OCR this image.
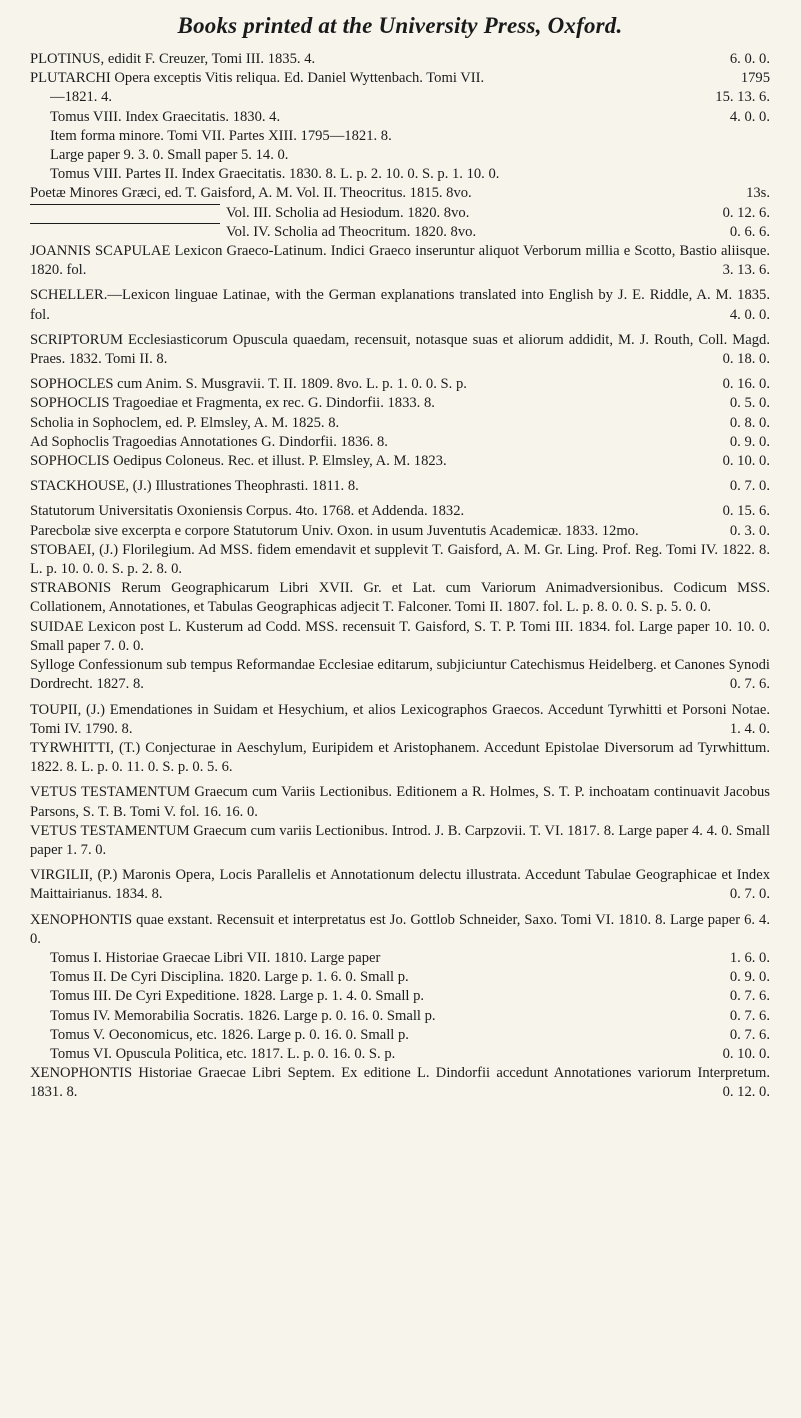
Books printed at the University Press, Oxford.
PLOTINUS, edidit F. Creuzer, Tomi III. 1835. 4.	6. 0. 0.
PLUTARCHI Opera exceptis Vitis reliqua. Ed. Daniel Wyttenbach. Tomi VII.	1795
—1821. 4.	15. 13. 6.
Tomus VIII. Index Graecitatis. 1830. 4.	4. 0. 0.
Item forma minore. Tomi VII. Partes XIII. 1795—1821. 8.
Large paper 9. 3. 0. Small paper 5. 14. 0.
Tomus VIII. Partes II. Index Graecitatis. 1830. 8. L. p. 2. 10. 0. S. p. 1. 10. 0.
Poetæ Minores Græci, ed. T. Gaisford, A. M. Vol. II. Theocritus. 1815. 8vo.	13s.
Vol. III. Scholia ad Hesiodum. 1820. 8vo.	0. 12. 6.
Vol. IV. Scholia ad Theocritum. 1820. 8vo.	0. 6. 6.
JOANNIS SCAPULAE Lexicon Graeco-Latinum. Indici Graeco inseruntur aliquot Verborum millia e Scotto, Bastio aliisque. 1820. fol.	3. 13. 6.
SCHELLER.—Lexicon linguae Latinae, with the German explanations translated into English by J. E. Riddle, A. M. 1835. fol.	4. 0. 0.
SCRIPTORUM Ecclesiasticorum Opuscula quaedam, recensuit, notasque suas et aliorum addidit, M. J. Routh, Coll. Magd. Praes. 1832. Tomi II. 8.	0. 18. 0.
SOPHOCLES cum Anim. S. Musgravii. T. II. 1809. 8vo. L. p. 1. 0. 0. S. p.	0. 16. 0.
SOPHOCLIS Tragoediae et Fragmenta, ex rec. G. Dindorfii. 1833. 8.	0. 5. 0.
Scholia in Sophoclem, ed. P. Elmsley, A. M. 1825. 8.	0. 8. 0.
Ad Sophoclis Tragoedias Annotationes G. Dindorfii. 1836. 8.	0. 9. 0.
SOPHOCLIS Oedipus Coloneus. Rec. et illust. P. Elmsley, A. M. 1823.	0. 10. 0.
STACKHOUSE, (J.) Illustrationes Theophrasti. 1811. 8.	0. 7. 0.
Statutorum Universitatis Oxoniensis Corpus. 4to. 1768. et Addenda. 1832.	0. 15. 6.
Parecbolæ sive excerpta e corpore Statutorum Univ. Oxon. in usum Juventutis Academicæ. 1833. 12mo.	0. 3. 0.
STOBAEI, (J.) Florilegium. Ad MSS. fidem emendavit et supplevit T. Gaisford, A. M. Gr. Ling. Prof. Reg. Tomi IV. 1822. 8. L. p. 10. 0. 0. S. p. 2. 8. 0.
STRABONIS Rerum Geographicarum Libri XVII. Gr. et Lat. cum Variorum Animadversionibus. Codicum MSS. Collationem, Annotationes, et Tabulas Geographicas adjecit T. Falconer. Tomi II. 1807. fol. L. p. 8. 0. 0. S. p. 5. 0. 0.
SUIDAE Lexicon post L. Kusterum ad Codd. MSS. recensuit T. Gaisford, S. T. P. Tomi III. 1834. fol. Large paper 10. 10. 0. Small paper 7. 0. 0.
Sylloge Confessionum sub tempus Reformandae Ecclesiae editarum, subjiciuntur Catechismus Heidelberg. et Canones Synodi Dordrecht. 1827. 8.	0. 7. 6.
TOUPII, (J.) Emendationes in Suidam et Hesychium, et alios Lexicographos Graecos. Accedunt Tyrwhitti et Porsoni Notae. Tomi IV. 1790. 8.	1. 4. 0.
TYRWHITTI, (T.) Conjecturae in Aeschylum, Euripidem et Aristophanem. Accedunt Epistolae Diversorum ad Tyrwhittum. 1822. 8. L. p. 0. 11. 0. S. p. 0. 5. 6.
VETUS TESTAMENTUM Graecum cum Variis Lectionibus. Editionem a R. Holmes, S. T. P. inchoatam continuavit Jacobus Parsons, S. T. B. Tomi V. fol. 16. 16. 0.
VETUS TESTAMENTUM Graecum cum variis Lectionibus. Introd. J. B. Carpzovii. T. VI. 1817. 8. Large paper 4. 4. 0. Small paper 1. 7. 0.
VIRGILII, (P.) Maronis Opera, Locis Parallelis et Annotationum delectu illustrata. Accedunt Tabulae Geographicae et Index Maittairianus. 1834. 8.	0. 7. 0.
XENOPHONTIS quae exstant. Recensuit et interpretatus est Jo. Gottlob Schneider, Saxo. Tomi VI. 1810. 8. Large paper 6. 4. 0.
Tomus I. Historiae Graecae Libri VII. 1810. Large paper	1. 6. 0.
Tomus II. De Cyri Disciplina. 1820. Large p. 1. 6. 0. Small p.	0. 9. 0.
Tomus III. De Cyri Expeditione. 1828. Large p. 1. 4. 0. Small p.	0. 7. 6.
Tomus IV. Memorabilia Socratis. 1826. Large p. 0. 16. 0. Small p.	0. 7. 6.
Tomus V. Oeconomicus, etc. 1826. Large p. 0. 16. 0. Small p.	0. 7. 6.
Tomus VI. Opuscula Politica, etc. 1817. L. p. 0. 16. 0. S. p.	0. 10. 0.
XENOPHONTIS Historiae Graecae Libri Septem. Ex editione L. Dindorfii accedunt Annotationes variorum Interpretum. 1831. 8.	0. 12. 0.
